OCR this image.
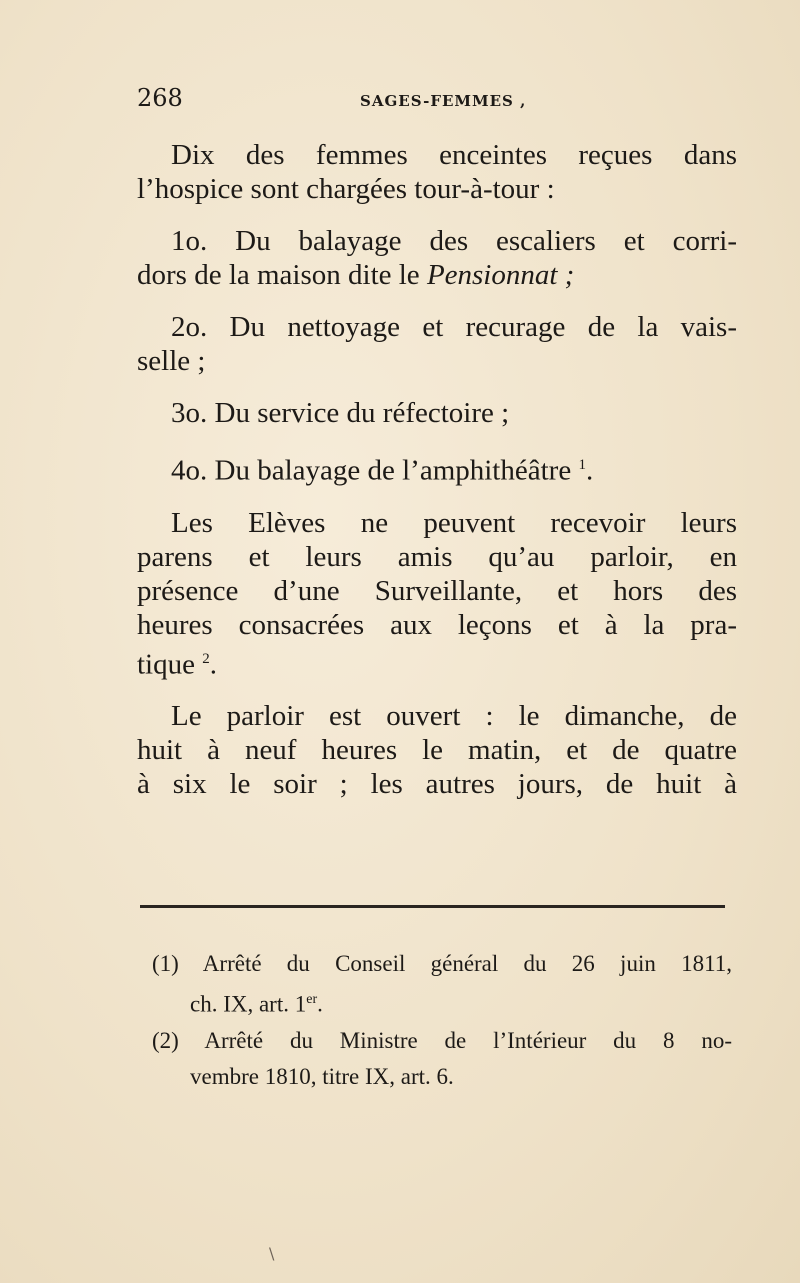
268	SAGES-FEMMES ,
Dix des femmes enceintes reçues dans
l’hospice sont chargées tour-à-tour :
1o. Du balayage des escaliers et corri-
dors de la maison dite le Pensionnat ;
2o. Du nettoyage et recurage de la vais-
selle ;
3o. Du service du réfectoire ;
4o. Du balayage de l’amphithéâtre $^1$.
Les Elèves ne peuvent recevoir leurs
parens et leurs amis qu’au parloir, en
présence d’une Surveillante, et hors des
heures consacrées aux leçons et à la pra-
tique $^2$.
Le parloir est ouvert : le dimanche, de
huit à neuf heures le matin, et de quatre
à six le soir ; les autres jours, de huit à
(1) Arrêté du Conseil général du 26 juin 1811,
ch. IX, art. 1er.
(2) Arrêté du Ministre de l’Intérieur du 8 no-
vembre 1810, titre IX, art. 6.
\
